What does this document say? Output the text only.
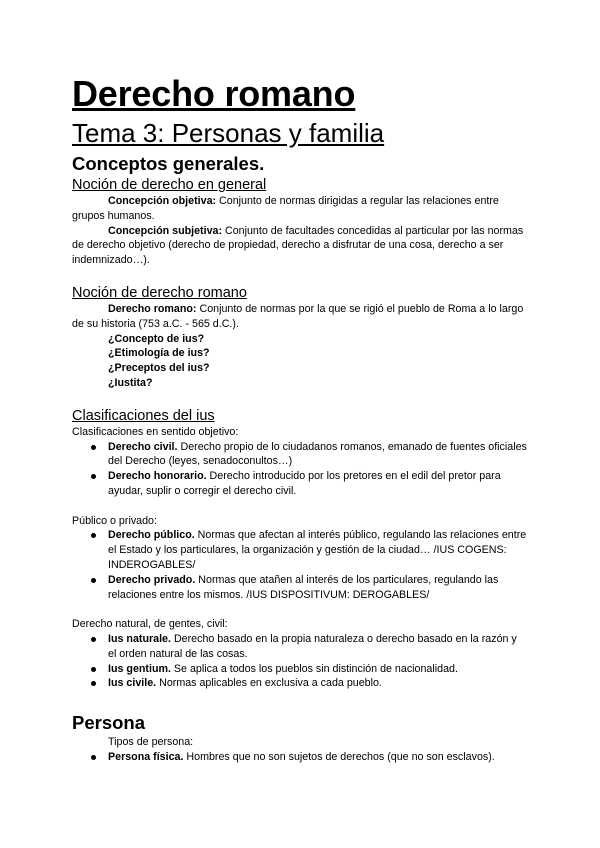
Derecho romano
Tema 3: Personas y familia
Conceptos generales.
Noción de derecho en general

Concepción objetiva: Conjunto de normas dirigidas a regular las relaciones entre grupos humanos.

Concepción subjetiva: Conjunto de facultades concedidas al particular por las normas de derecho objetivo (derecho de propiedad, derecho a disfrutar de una cosa, derecho a ser indemnizado…).

Noción de derecho romano

Derecho romano: Conjunto de normas por la que se rigió el pueblo de Roma a lo largo de su historia (753 a.C. - 565 d.C.).

¿Concepto de ius?
¿Etimología de ius?
¿Preceptos del ius?
¿Iustita?
Clasificaciones del ius

Clasificaciones en sentido objetivo:

Derecho civil. Derecho propio de lo ciudadanos romanos, emanado de fuentes oficiales del Derecho (leyes, senadoconultos…)
Derecho honorario. Derecho introducido por los pretores en el edil del pretor para ayudar, suplir o corregir el derecho civil.

Público o privado:

Derecho público. Normas que afectan al interés público, regulando las relaciones entre el Estado y los particulares, la organización y gestión de la ciudad… /IUS COGENS: INDEROGABLES/
Derecho privado. Normas que atañen al interés de los particulares, regulando las relaciones entre los mismos. /IUS DISPOSITIVUM: DEROGABLES/

Derecho natural, de gentes, civil:

Ius naturale. Derecho basado en la propia naturaleza o derecho basado en la razón y el orden natural de las cosas.
Ius gentium. Se aplica a todos los pueblos sin distinción de nacionalidad.
Ius civile. Normas aplicables en exclusiva a cada pueblo.
Persona

Tipos de persona:

Persona física. Hombres que no son sujetos de derechos (que no son esclavos).
